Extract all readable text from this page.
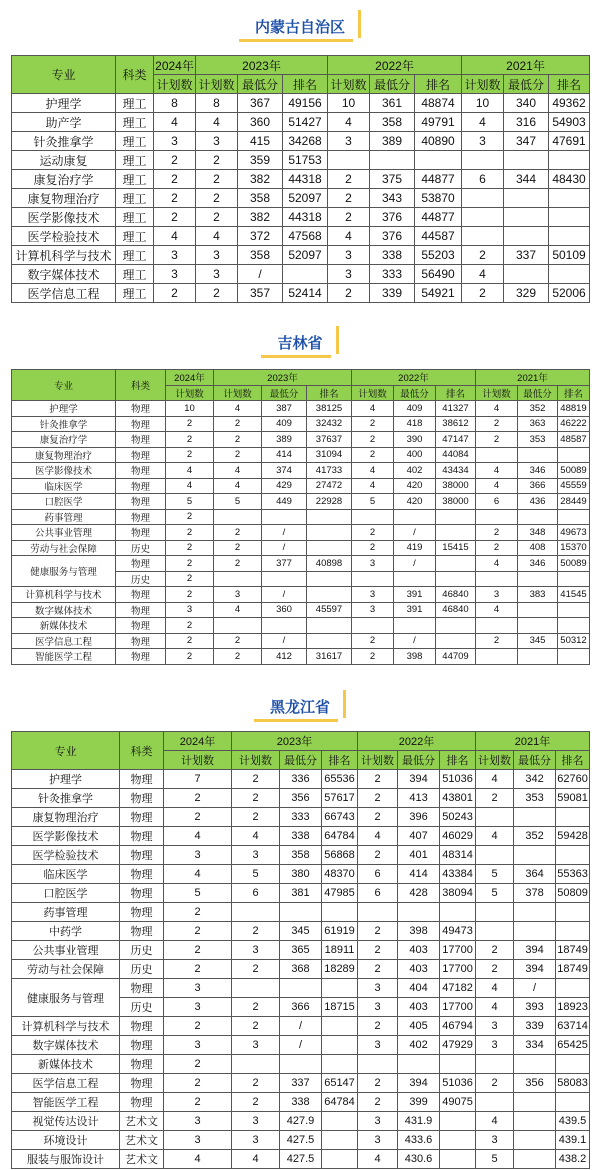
内蒙古自治区
专业	科类	2024年	2023年			2022年			2021年		
		计划数	计划数	最低分	排名	计划数	最低分	排名	计划数	最低分	排名
护理学	理工	8	8	367	49156	10	361	48874	10	340	49362
助产学	理工	4	4	360	51427	4	358	49791	4	316	54903
针灸推拿学	理工	3	3	415	34268	3	389	40890	3	347	47691
运动康复	理工	2	2	359	51753						
康复治疗学	理工	2	2	382	44318	2	375	44877	6	344	48430
康复物理治疗	理工	2	2	358	52097	2	343	53870			
医学影像技术	理工	2	2	382	44318	2	376	44877			
医学检验技术	理工	4	4	372	47568	4	376	44587			
计算机科学与技术	理工	3	3	358	52097	3	338	55203	2	337	50109
数字媒体技术	理工	3	3	/		3	333	56490	4		
医学信息工程	理工	2	2	357	52414	2	339	54921	2	329	52006
吉林省
专业	科类	2024年	2023年			2022年			2021年		
		计划数	计划数	最低分	排名	计划数	最低分	排名	计划数	最低分	排名
护理学	物理	10	4	387	38125	4	409	41327	4	352	48819
针灸推拿学	物理	2	2	409	32432	2	418	38612	2	363	46222
康复治疗学	物理	2	2	389	37637	2	390	47147	2	353	48587
康复物理治疗	物理	2	2	414	31094	2	400	44084			
医学影像技术	物理	4	4	374	41733	4	402	43434	4	346	50089
临床医学	物理	4	4	429	27472	4	420	38000	4	366	45559
口腔医学	物理	5	5	449	22928	5	420	38000	6	436	28449
药事管理	物理	2									
公共事业管理	物理	2	2	/		2	/		2	348	49673
劳动与社会保障	历史	2	2	/		2	419	15415	2	408	15370
健康服务与管理	物理	2	2	377	40898	3	/		4	346	50089
	历史	2									
计算机科学与技术	物理	2	3	/		3	391	46840	3	383	41545
数字媒体技术	物理	3	4	360	45597	3	391	46840	4		
新媒体技术	物理	2									
医学信息工程	物理	2	2	/		2	/		2	345	50312
智能医学工程	物理	2	2	412	31617	2	398	44709			
黑龙江省
专业	科类	2024年	2023年			2022年			2021年		
		计划数	计划数	最低分	排名	计划数	最低分	排名	计划数	最低分	排名
护理学	物理	7	2	336	65536	2	394	51036	4	342	62760
针灸推拿学	物理	2	2	356	57617	2	413	43801	2	353	59081
康复物理治疗	物理	2	2	333	66743	2	396	50243			
医学影像技术	物理	4	4	338	64784	4	407	46029	4	352	59428
医学检验技术	物理	3	3	358	56868	2	401	48314			
临床医学	物理	4	5	380	48370	6	414	43384	5	364	55363
口腔医学	物理	5	6	381	47985	6	428	38094	5	378	50809
药事管理	物理	2									
中药学	物理	2	2	345	61919	2	398	49473			
公共事业管理	历史	2	3	365	18911	2	403	17700	2	394	18749
劳动与社会保障	历史	2	2	368	18289	2	403	17700	2	394	18749
健康服务与管理	物理	3				3	404	47182	4	/	
	历史	3	2	366	18715	3	403	17700	4	393	18923
计算机科学与技术	物理	2	2	/		2	405	46794	3	339	63714
数字媒体技术	物理	3	3	/		3	402	47929	3	334	65425
新媒体技术	物理	2									
医学信息工程	物理	2	2	337	65147	2	394	51036	2	356	58083
智能医学工程	物理	2	2	338	64784	2	399	49075			
视觉传达设计	艺术文	3	3	427.9		3	431.9		4		439.5
环境设计	艺术文	3	3	427.5		3	433.6		3		439.1
服装与服饰设计	艺术文	4	4	427.5		4	430.6		5		438.2
